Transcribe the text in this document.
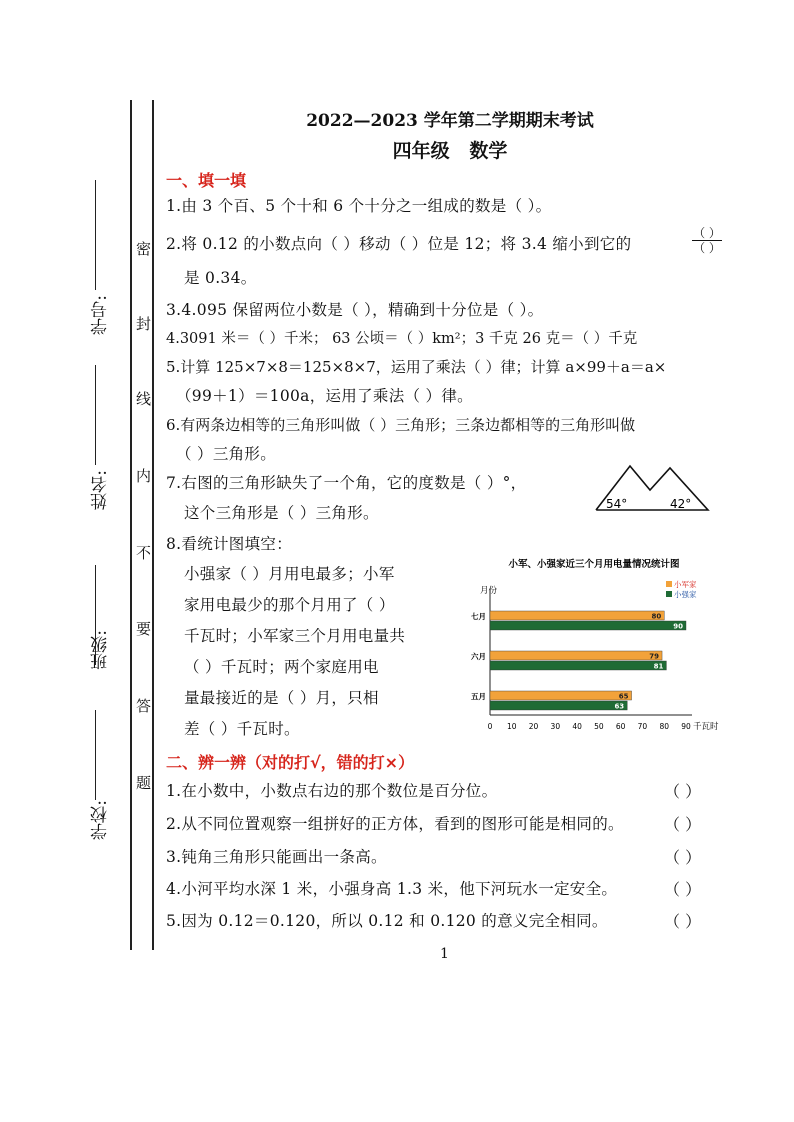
学号:
姓名:
班级:
学校:
密
封
线
内
不
要
答
题
2022—2023 学年第二学期期末考试
四年级   数学
一、填一填
1.由 3 个百、5 个十和 6 个十分之一组成的数是（ ）。
2.将 0.12 的小数点向（ ）移动（ ）位是 12；将 3.4 缩小到它的
（ ）
（ ）
是 0.34。
3.4.095 保留两位小数是（ ），精确到十分位是（ ）。
4.3091 米＝（ ）千米； 63 公顷＝（ ）km²；3 千克 26 克＝（ ）千克
5.计算 125×7×8＝125×8×7，运用了乘法（ ）律；计算 a×99＋a＝a×
（99＋1）＝100a，运用了乘法（ ）律。
6.有两条边相等的三角形叫做（ ）三角形；三条边都相等的三角形叫做
（ ）三角形。
7.右图的三角形缺失了一个角，它的度数是（ ）°，
这个三角形是（ ）三角形。	54°	42°
8.看统计图填空：
小强家（ ）月用电最多；小军
家用电最少的那个月用了（ ）
千瓦时；小军家三个月用电量共
（ ）千瓦时；两个家庭用电
量最接近的是（ ）月，只相
差（ ）千瓦时。
小军、小强家近三个月用电量情况统计图
月份
千瓦时
0 10 20 30 40 50 60 70 80 90
小军家
小强家
七月	80
90
六月	79
81
五月	65
63
二、辨一辨（对的打√，错的打×）
1.在小数中，小数点右边的那个数位是百分位。	（ ）
2.从不同位置观察一组拼好的正方体，看到的图形可能是相同的。	（ ）
3.钝角三角形只能画出一条高。	（ ）
4.小河平均水深 1 米，小强身高 1.3 米，他下河玩水一定安全。	（ ）
5.因为 0.12＝0.120，所以 0.12 和 0.120 的意义完全相同。	（ ）
1
